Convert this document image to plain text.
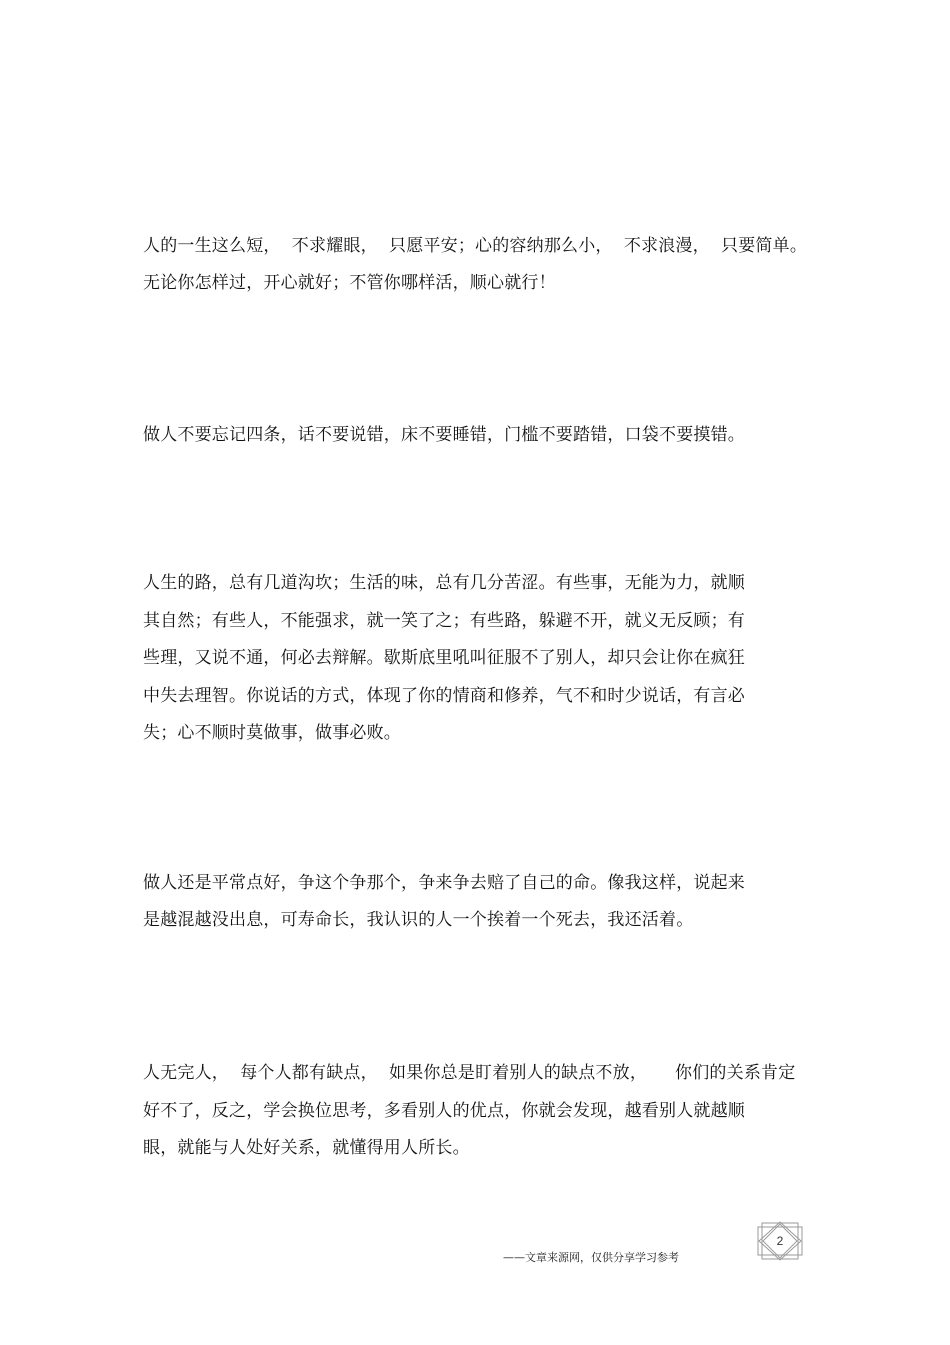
人的一生这么短，  不求耀眼，  只愿平安；心的容纳那么小，  不求浪漫，  只要简单。
无论你怎样过，开心就好；不管你哪样活，顺心就行！
做人不要忘记四条，话不要说错，床不要睡错，门槛不要踏错，口袋不要摸错。
人生的路，总有几道沟坎；生活的味，总有几分苦涩。有些事，无能为力，就顺
其自然；有些人，不能强求，就一笑了之；有些路，躲避不开，就义无反顾；有
些理，又说不通，何必去辩解。歇斯底里吼叫征服不了别人，却只会让你在疯狂
中失去理智。你说话的方式，体现了你的情商和修养，气不和时少说话，有言必
失；心不顺时莫做事，做事必败。
做人还是平常点好，争这个争那个，争来争去赔了自己的命。像我这样，说起来
是越混越没出息，可寿命长，我认识的人一个挨着一个死去，我还活着。
人无完人，  每个人都有缺点，  如果你总是盯着别人的缺点不放，     你们的关系肯定
好不了，反之，学会换位思考，多看别人的优点，你就会发现，越看别人就越顺
眼，就能与人处好关系，就懂得用人所长。
——文章来源网，仅供分享学习参考
2
